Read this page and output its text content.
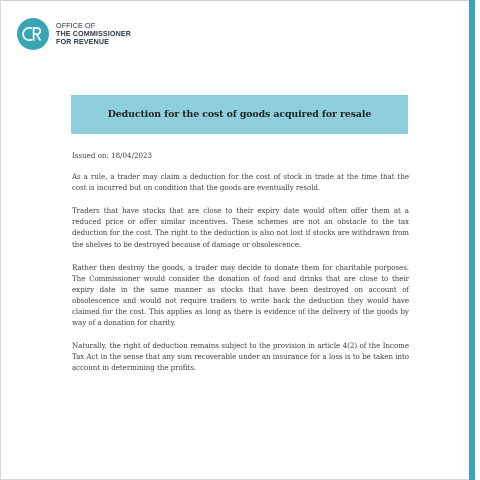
OFFICE OF
THE COMMISSIONER
FOR REVENUE
Deduction for the cost of goods acquired for resale
Issued on: 18/04/2023

As a rule, a trader may claim a deduction for the cost of stock in trade at the time that the cost is incurred but on condition that the goods are eventually resold.

Traders that have stocks that are close to their expiry date would often offer them at a reduced price or offer similar incentives. These schemes are not an obstacle to the tax deduction for the cost. The right to the deduction is also not lost if stocks are withdrawn from the shelves to be destroyed because of damage or obsolescence.

Rather then destroy the goods, a trader may decide to donate them for charitable purposes. The Commissioner would consider the donation of food and drinks that are close to their expiry date in the same manner as stocks that have been destroyed on account of obsolescence and would not require traders to write back the deduction they would have claimed for the cost. This applies as long as there is evidence of the delivery of the goods by way of a donation for charity.

Naturally, the right of deduction remains subject to the provision in article 4(2) of the Income Tax Act in the sense that any sum recoverable under an insurance for a loss is to be taken into account in determining the profits.
